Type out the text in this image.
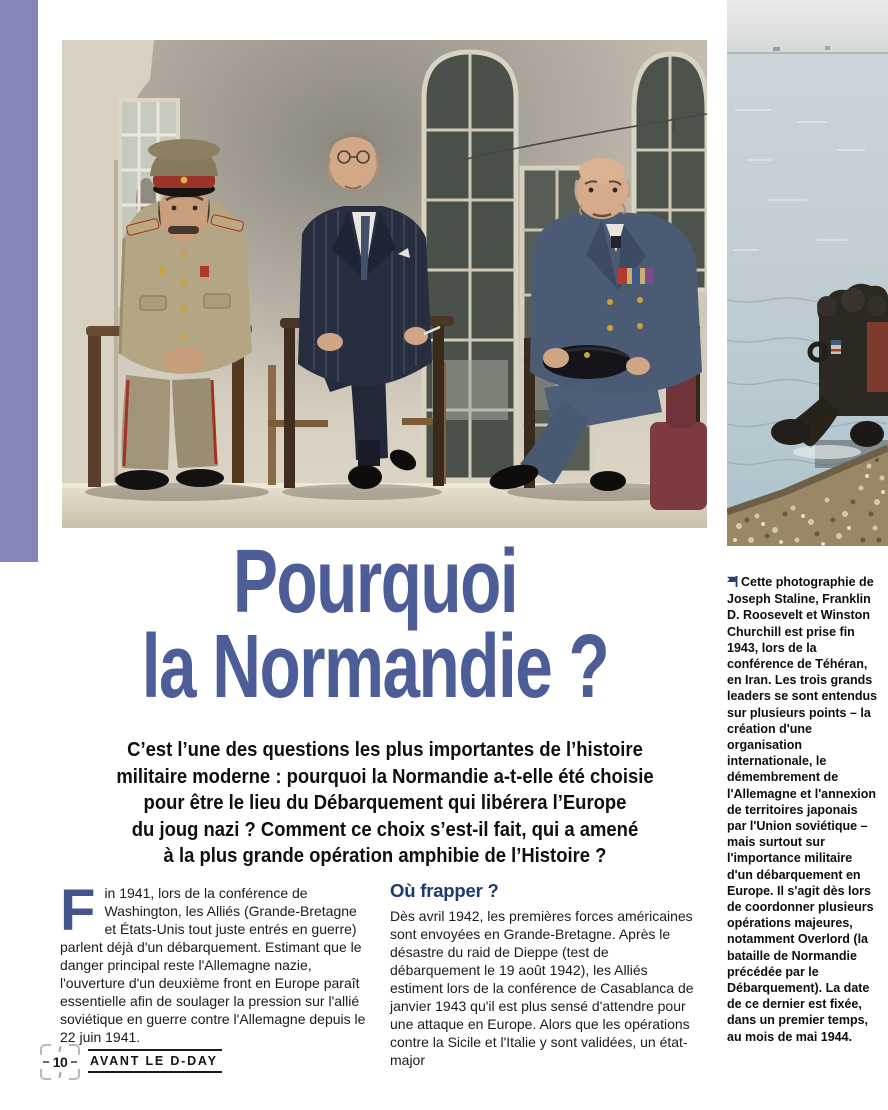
Pourquoi
la Normandie ?
C’est l’une des questions les plus importantes de l’histoire
militaire moderne : pourquoi la Normandie a-t-elle été choisie
pour être le lieu du Débarquement qui libérera l’Europe
du joug nazi ? Comment ce choix s’est-il fait, qui a amené
à la plus grande opération amphibie de l’Histoire ?

Fin 1941, lors de la conférence de Washington, les Alliés (Grande-Bretagne et États-Unis tout juste entrés en guerre) parlent déjà d'un débarquement. Estimant que le danger principal reste l'Allemagne nazie, l'ouverture d'un deuxième front en Europe paraît essentielle afin de soulager la pression sur l'allié soviétique en guerre contre l'Allemagne depuis le 22 juin 1941.

Où frapper ?

Dès avril 1942, les premières forces américaines sont envoyées en Grande-Bretagne. Après le désastre du raid de Dieppe (test de débarquement le 19 août 1942), les Alliés estiment lors de la conférence de Casablanca de janvier 1943 qu'il est plus sensé d'attendre pour une attaque en Europe. Alors que les opérations contre la Sicile et l'Italie y sont validées, un état-major

Cette photographie de Joseph Staline, Franklin D. Roosevelt et Winston Churchill est prise fin 1943, lors de la conférence de Téhéran, en Iran. Les trois grands leaders se sont entendus sur plusieurs points – la création d'une organisation internationale, le démembrement de l'Allemagne et l'annexion de territoires japonais par l'Union soviétique – mais surtout sur l'importance militaire d'un débarquement en Europe. Il s'agit dès lors de coordonner plusieurs opérations majeures, notamment Overlord (la bataille de Normandie précédée par le Débarquement). La date de ce dernier est fixée, dans un premier temps, au mois de mai 1944.
10	AVANT LE D-DAY
